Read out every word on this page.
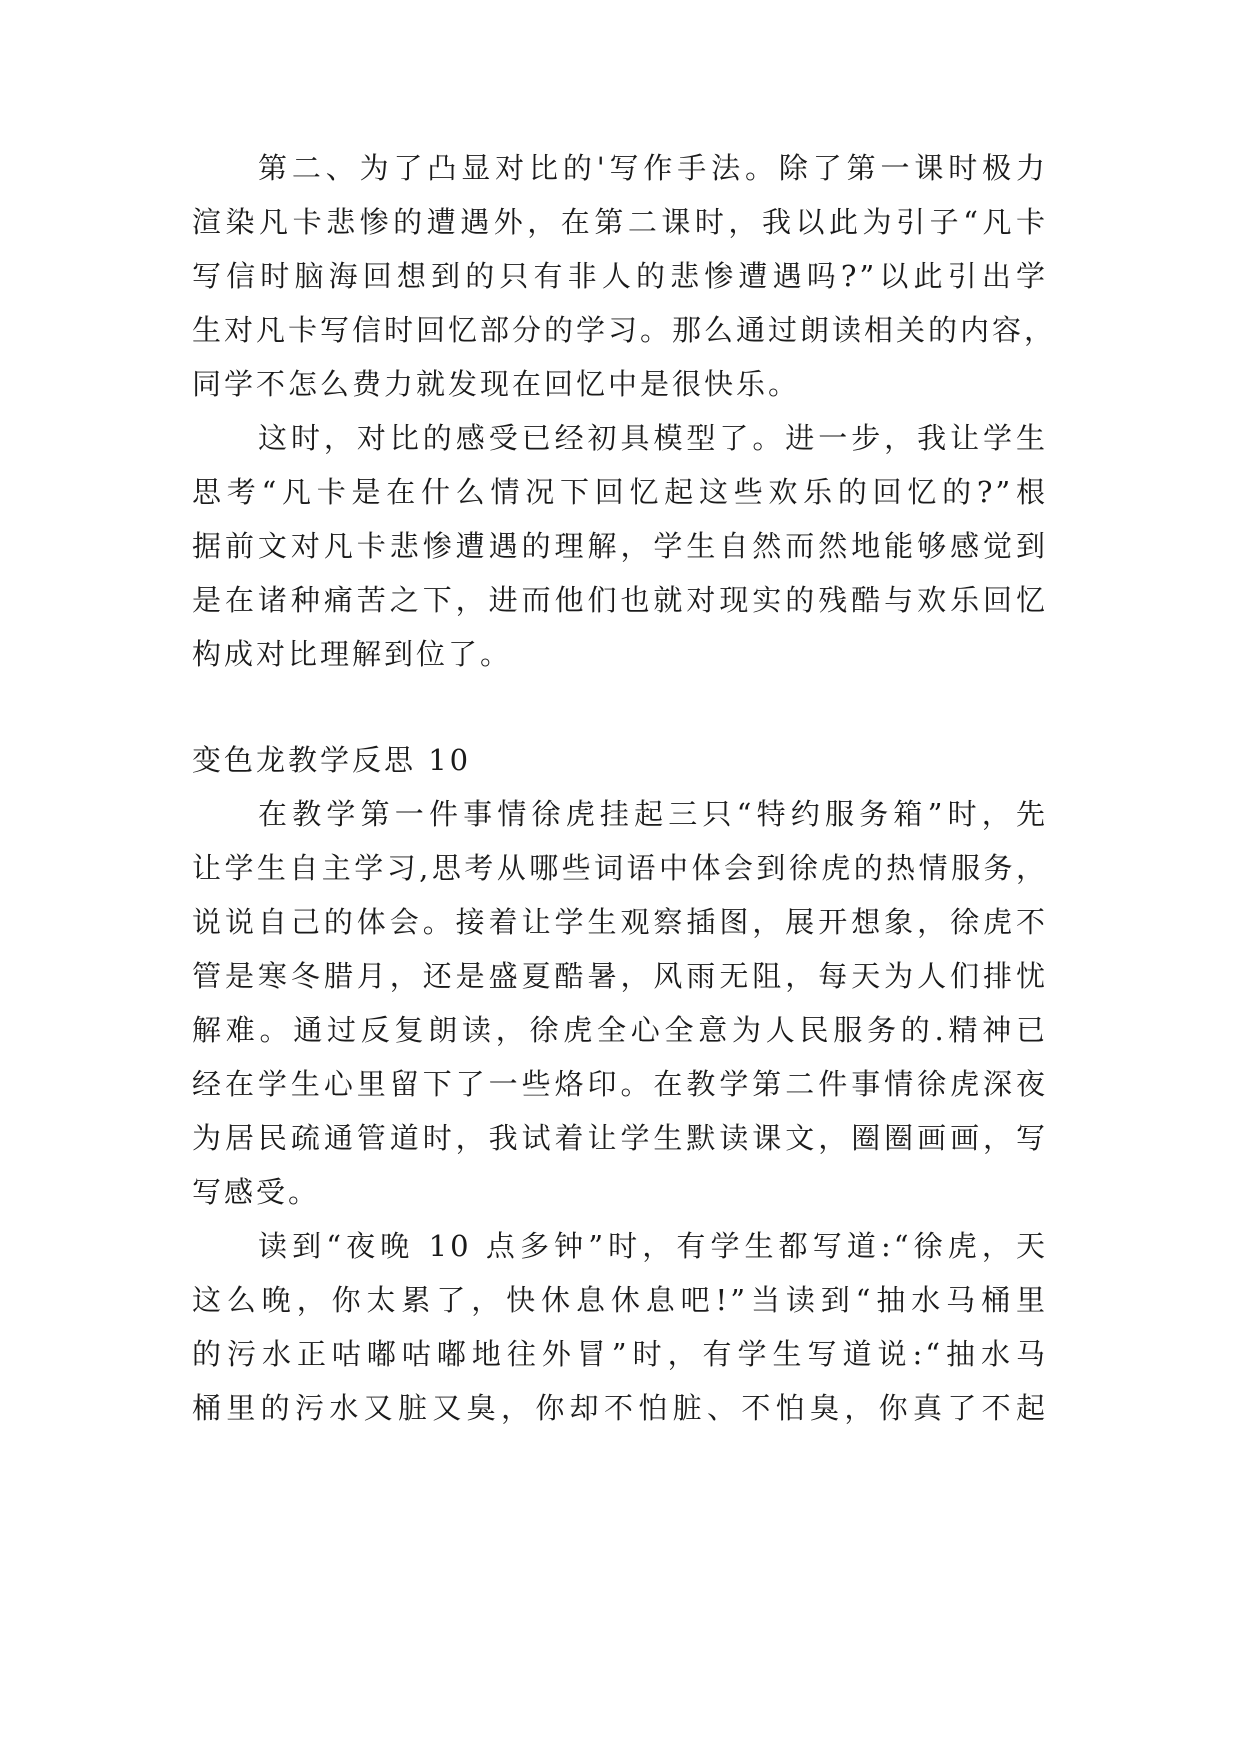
第二、为了凸显对比的'写作手法。除了第一课时极力
渲染凡卡悲惨的遭遇外，在第二课时，我以此为引子“凡卡
写信时脑海回想到的只有非人的悲惨遭遇吗?”以此引出学
生对凡卡写信时回忆部分的学习。那么通过朗读相关的内容，
同学不怎么费力就发现在回忆中是很快乐。
这时，对比的感受已经初具模型了。进一步，我让学生
思考“凡卡是在什么情况下回忆起这些欢乐的回忆的?”根
据前文对凡卡悲惨遭遇的理解，学生自然而然地能够感觉到
是在诸种痛苦之下，进而他们也就对现实的残酷与欢乐回忆
构成对比理解到位了。
变色龙教学反思 10
在教学第一件事情徐虎挂起三只“特约服务箱”时，先
让学生自主学习,思考从哪些词语中体会到徐虎的热情服务，
说说自己的体会。接着让学生观察插图，展开想象，徐虎不
管是寒冬腊月，还是盛夏酷暑，风雨无阻，每天为人们排忧
解难。通过反复朗读，徐虎全心全意为人民服务的.精神已
经在学生心里留下了一些烙印。在教学第二件事情徐虎深夜
为居民疏通管道时，我试着让学生默读课文，圈圈画画，写
写感受。
读到“夜晚 10 点多钟”时，有学生都写道:“徐虎，天
这么晚，你太累了，快休息休息吧!”当读到“抽水马桶里
的污水正咕嘟咕嘟地往外冒”时，有学生写道说:“抽水马
桶里的污水又脏又臭，你却不怕脏、不怕臭，你真了不起
